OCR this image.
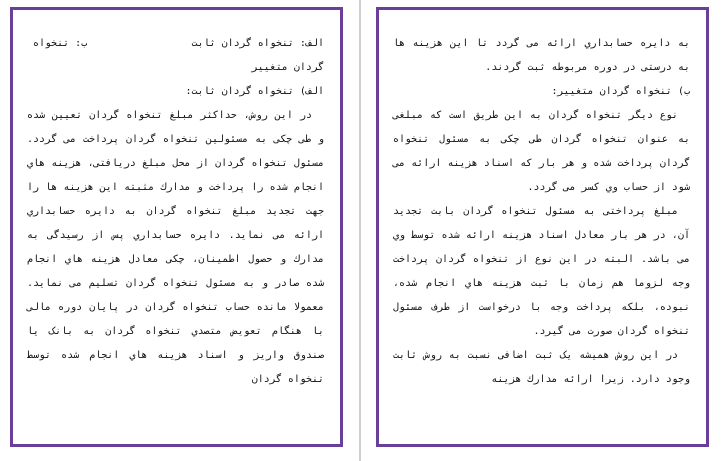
الف: تنخواه گردان ثابت
ب: تنخواه

گردان متغییر

الف) تنخواه گردان ثابت:

در این روش، حداکثر مبلغ تنخواه گردان تعیین شده و طی چکی به مسئولین تنخواه گردان پرداخت می گردد. مسئول تنخواه گردان از محل مبلغ دریافتی، هزینه هاي انجام شده را پرداخت و مدارك مثبته این هزینه ها را جهت تجدید مبلغ تنخواه گردان به دایره حسابداري ارائه می نماید. دایره حسابداري پس از رسیدگی به مدارك و حصول اطمینان، چکی معادل هزینه هاي انجام شده صادر و به مسئول تنخواه گردان تسلیم می نماید. معمولا مانده حساب تنخواه گردان در پایان دوره مالی با هنگام تعویض متصدي تنخواه گردان به بانک یا صندوق واریز و اسناد هزینه هاي انجام شده توسط تنخواه گردان

به دایره حسابداري ارائه می گردد تا این هزینه ها به درستی در دوره مربوطه ثبت گردند.

ب) تنخواه گردان متغییر:

نوع دیگر تنخواه گردان به این طریق است که مبلغی به عنوان تنخواه گردان طی چکی به مسئول تنخواه گردان پرداخت شده و هر بار که اسناد هزینه ارائه می شود از حساب وي کسر می گردد.

مبلغ پرداختی به مسئول تنخواه گردان بابت تجدید آن، در هر بار معادل اسناد هزینه ارائه شده توسط وي می باشد. البته در این نوع از تنخواه گردان پرداخت وجه لزوما هم زمان با ثبت هزینه هاي انجام شده، نبوده، بلکه پرداخت وجه با درخواست از طرف مسئول تنخواه گردان صورت می گیرد.

در این روش همیشه یک ثبت اضافی نسبت به روش ثابت وجود دارد. زیرا ارائه مدارك هزینه
